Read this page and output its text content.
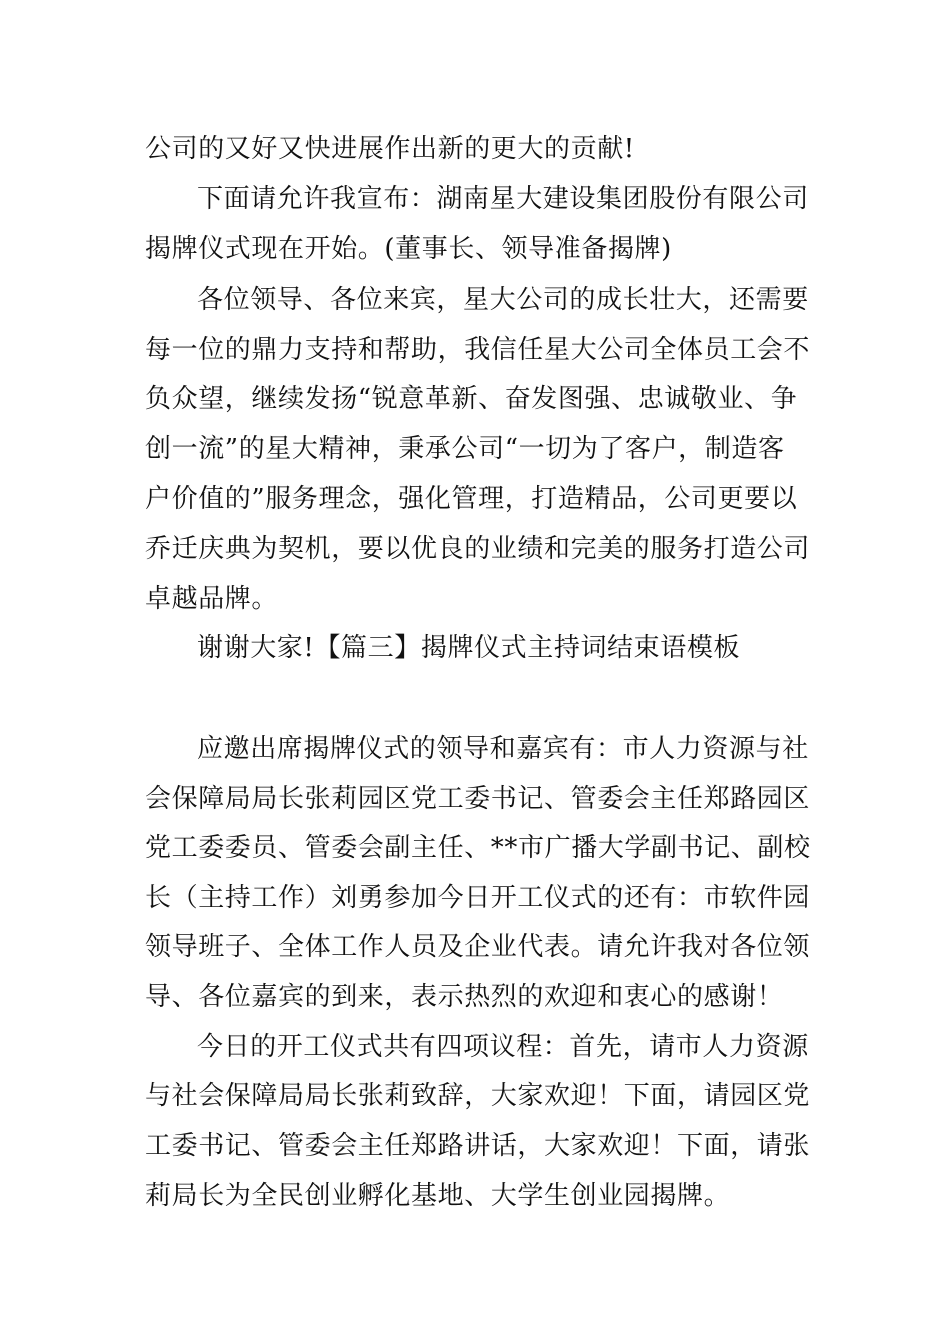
公司的又好又快进展作出新的更大的贡献!
下面请允许我宣布：湖南星大建设集团股份有限公司
揭牌仪式现在开始。(董事长、领导准备揭牌)
各位领导、各位来宾，星大公司的成长壮大，还需要
每一位的鼎力支持和帮助，我信任星大公司全体员工会不
负众望，继续发扬“锐意革新、奋发图强、忠诚敬业、争
创一流”的星大精神，秉承公司“一切为了客户，制造客
户价值的”服务理念，强化管理，打造精品，公司更要以
乔迁庆典为契机，要以优良的业绩和完美的服务打造公司
卓越品牌。
谢谢大家!【篇三】揭牌仪式主持词结束语模板
应邀出席揭牌仪式的领导和嘉宾有：市人力资源与社
会保障局局长张莉园区党工委书记、管委会主任郑路园区
党工委委员、管委会副主任、**市广播大学副书记、副校
长（主持工作）刘勇参加今日开工仪式的还有：市软件园
领导班子、全体工作人员及企业代表。请允许我对各位领
导、各位嘉宾的到来，表示热烈的欢迎和衷心的感谢！
今日的开工仪式共有四项议程：首先，请市人力资源
与社会保障局局长张莉致辞，大家欢迎！下面，请园区党
工委书记、管委会主任郑路讲话，大家欢迎！下面，请张
莉局长为全民创业孵化基地、大学生创业园揭牌。
